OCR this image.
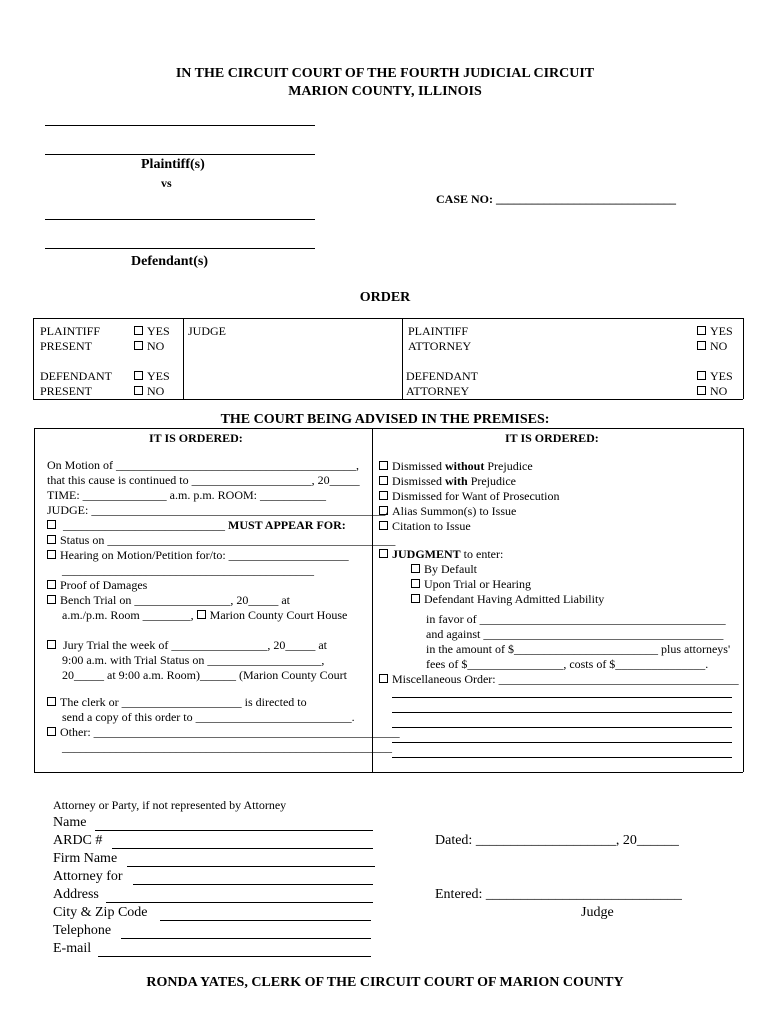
IN THE CIRCUIT COURT OF THE FOURTH JUDICIAL CIRCUIT
MARION COUNTY, ILLINOIS
Plaintiff(s)
vs
CASE NO: ______________________________
Defendant(s)
ORDER
PLAINTIFF
PRESENT
YES
NO
JUDGE	PLAINTIFF
ATTORNEY
YES
NO
DEFENDANT
PRESENT
YES
NO
DEFENDANT
ATTORNEY
YES
NO
THE COURT BEING ADVISED IN THE PREMISES:
IT IS ORDERED:
On Motion of ________________________________________,
that this cause is continued to ____________________, 20_____
TIME: ______________ a.m. p.m. ROOM: ___________
JUDGE: _________________________________________________.
___________________________ MUST APPEAR FOR:
Status on ________________________________________________
Hearing on Motion/Petition for/to: ____________________
__________________________________________
Proof of Damages
Bench Trial on ________________, 20_____ at
a.m./p.m. Room ________, Marion County Court House
Jury Trial the week of ________________, 20_____ at
9:00 a.m. with Trial Status on ___________________,
20_____ at 9:00 a.m. Room)______ (Marion County Court
The clerk or ____________________ is directed to
send a copy of this order to __________________________.
Other: ___________________________________________________
_______________________________________________________
IT IS ORDERED:
Dismissed without Prejudice
Dismissed with Prejudice
Dismissed for Want of Prosecution
Alias Summon(s) to Issue
Citation to Issue
JUDGMENT to enter:
By Default
Upon Trial or Hearing
Defendant Having Admitted Liability
in favor of _________________________________________
and against ________________________________________
in the amount of $________________________ plus attorneys'
fees of $________________, costs of $_______________.
Miscellaneous Order: ________________________________________
Attorney or Party, if not represented by Attorney
Name
ARDC #
Firm Name
Attorney for
Address
City & Zip Code
Telephone
E-mail
Dated: ____________________, 20______
Entered: ____________________________
Judge
RONDA YATES, CLERK OF THE CIRCUIT COURT OF MARION COUNTY
